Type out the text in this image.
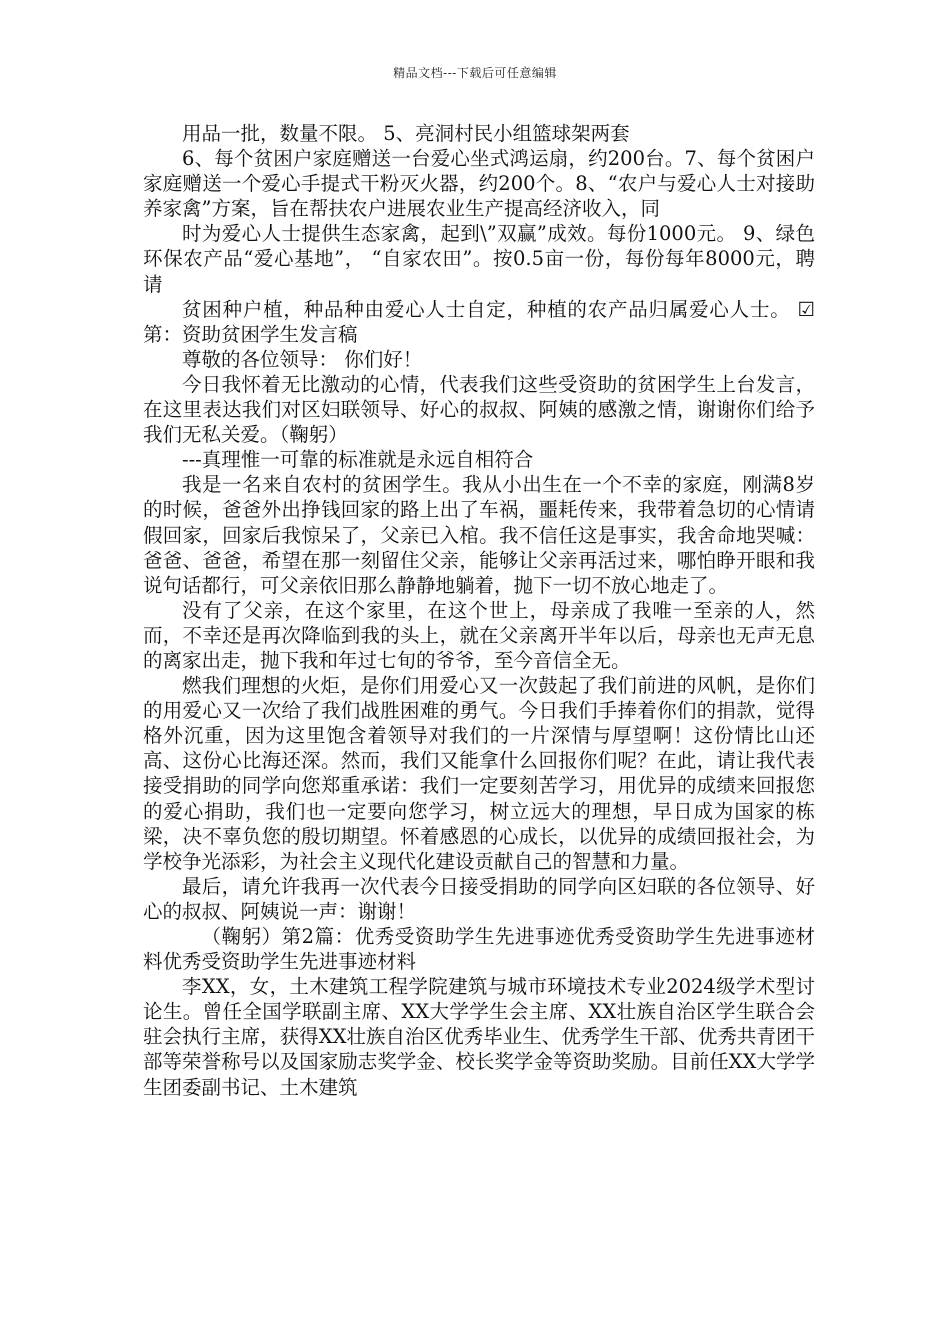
精品文档---下载后可任意编辑

用品一批，数量不限。 5、亮洞村民小组篮球架两套

6、每个贫困户家庭赠送一台爱心坐式鸿运扇，约200台。7、每个贫困户家庭赠送一个爱心手提式干粉灭火器，约200个。8、“农户与爱心人士对接助养家禽”方案，旨在帮扶农户进展农业生产提高经济收入，同

时为爱心人士提供生态家禽，起到\”双赢”成效。每份1000元。 9、绿色环保农产品“爱心基地”， “自家农田”。按0.5亩一份，每份每年8000元，聘请

贫困种户植，种品种由爱心人士自定，种植的农产品归属爱心人士。 ☑ 第：资助贫困学生发言稿

尊敬的各位领导： 你们好！

今日我怀着无比激动的心情，代表我们这些受资助的贫困学生上台发言，在这里表达我们对区妇联领导、好心的叔叔、阿姨的感激之情，谢谢你们给予我们无私关爱。（鞠躬）

---真理惟一可靠的标准就是永远自相符合

我是一名来自农村的贫困学生。我从小出生在一个不幸的家庭，刚满8岁的时候，爸爸外出挣钱回家的路上出了车祸，噩耗传来，我带着急切的心情请假回家，回家后我惊呆了，父亲已入棺。我不信任这是事实，我舍命地哭喊：爸爸、爸爸，希望在那一刻留住父亲，能够让父亲再活过来，哪怕睁开眼和我说句话都行，可父亲依旧那么静静地躺着，抛下一切不放心地走了。

没有了父亲，在这个家里，在这个世上，母亲成了我唯一至亲的人，然而，不幸还是再次降临到我的头上，就在父亲离开半年以后，母亲也无声无息的离家出走，抛下我和年过七旬的爷爷，至今音信全无。

燃我们理想的火炬，是你们用爱心又一次鼓起了我们前进的风帆，是你们的用爱心又一次给了我们战胜困难的勇气。今日我们手捧着你们的捐款，觉得格外沉重，因为这里饱含着领导对我们的一片深情与厚望啊！这份情比山还高、这份心比海还深。然而，我们又能拿什么回报你们呢？在此，请让我代表接受捐助的同学向您郑重承诺：我们一定要刻苦学习，用优异的成绩来回报您的爱心捐助，我们也一定要向您学习，树立远大的理想，早日成为国家的栋梁，决不辜负您的殷切期望。怀着感恩的心成长，以优异的成绩回报社会，为学校争光添彩，为社会主义现代化建设贡献自己的智慧和力量。

最后，请允许我再一次代表今日接受捐助的同学向区妇联的各位领导、好心的叔叔、阿姨说一声：谢谢！

（鞠躬）第2篇：优秀受资助学生先进事迹优秀受资助学生先进事迹材料优秀受资助学生先进事迹材料

李XX，女，土木建筑工程学院建筑与城市环境技术专业2024级学术型讨论生。曾任全国学联副主席、XX大学学生会主席、XX壮族自治区学生联合会驻会执行主席，获得XX壮族自治区优秀毕业生、优秀学生干部、优秀共青团干部等荣誉称号以及国家励志奖学金、校长奖学金等资助奖励。目前任XX大学学生团委副书记、土木建筑
